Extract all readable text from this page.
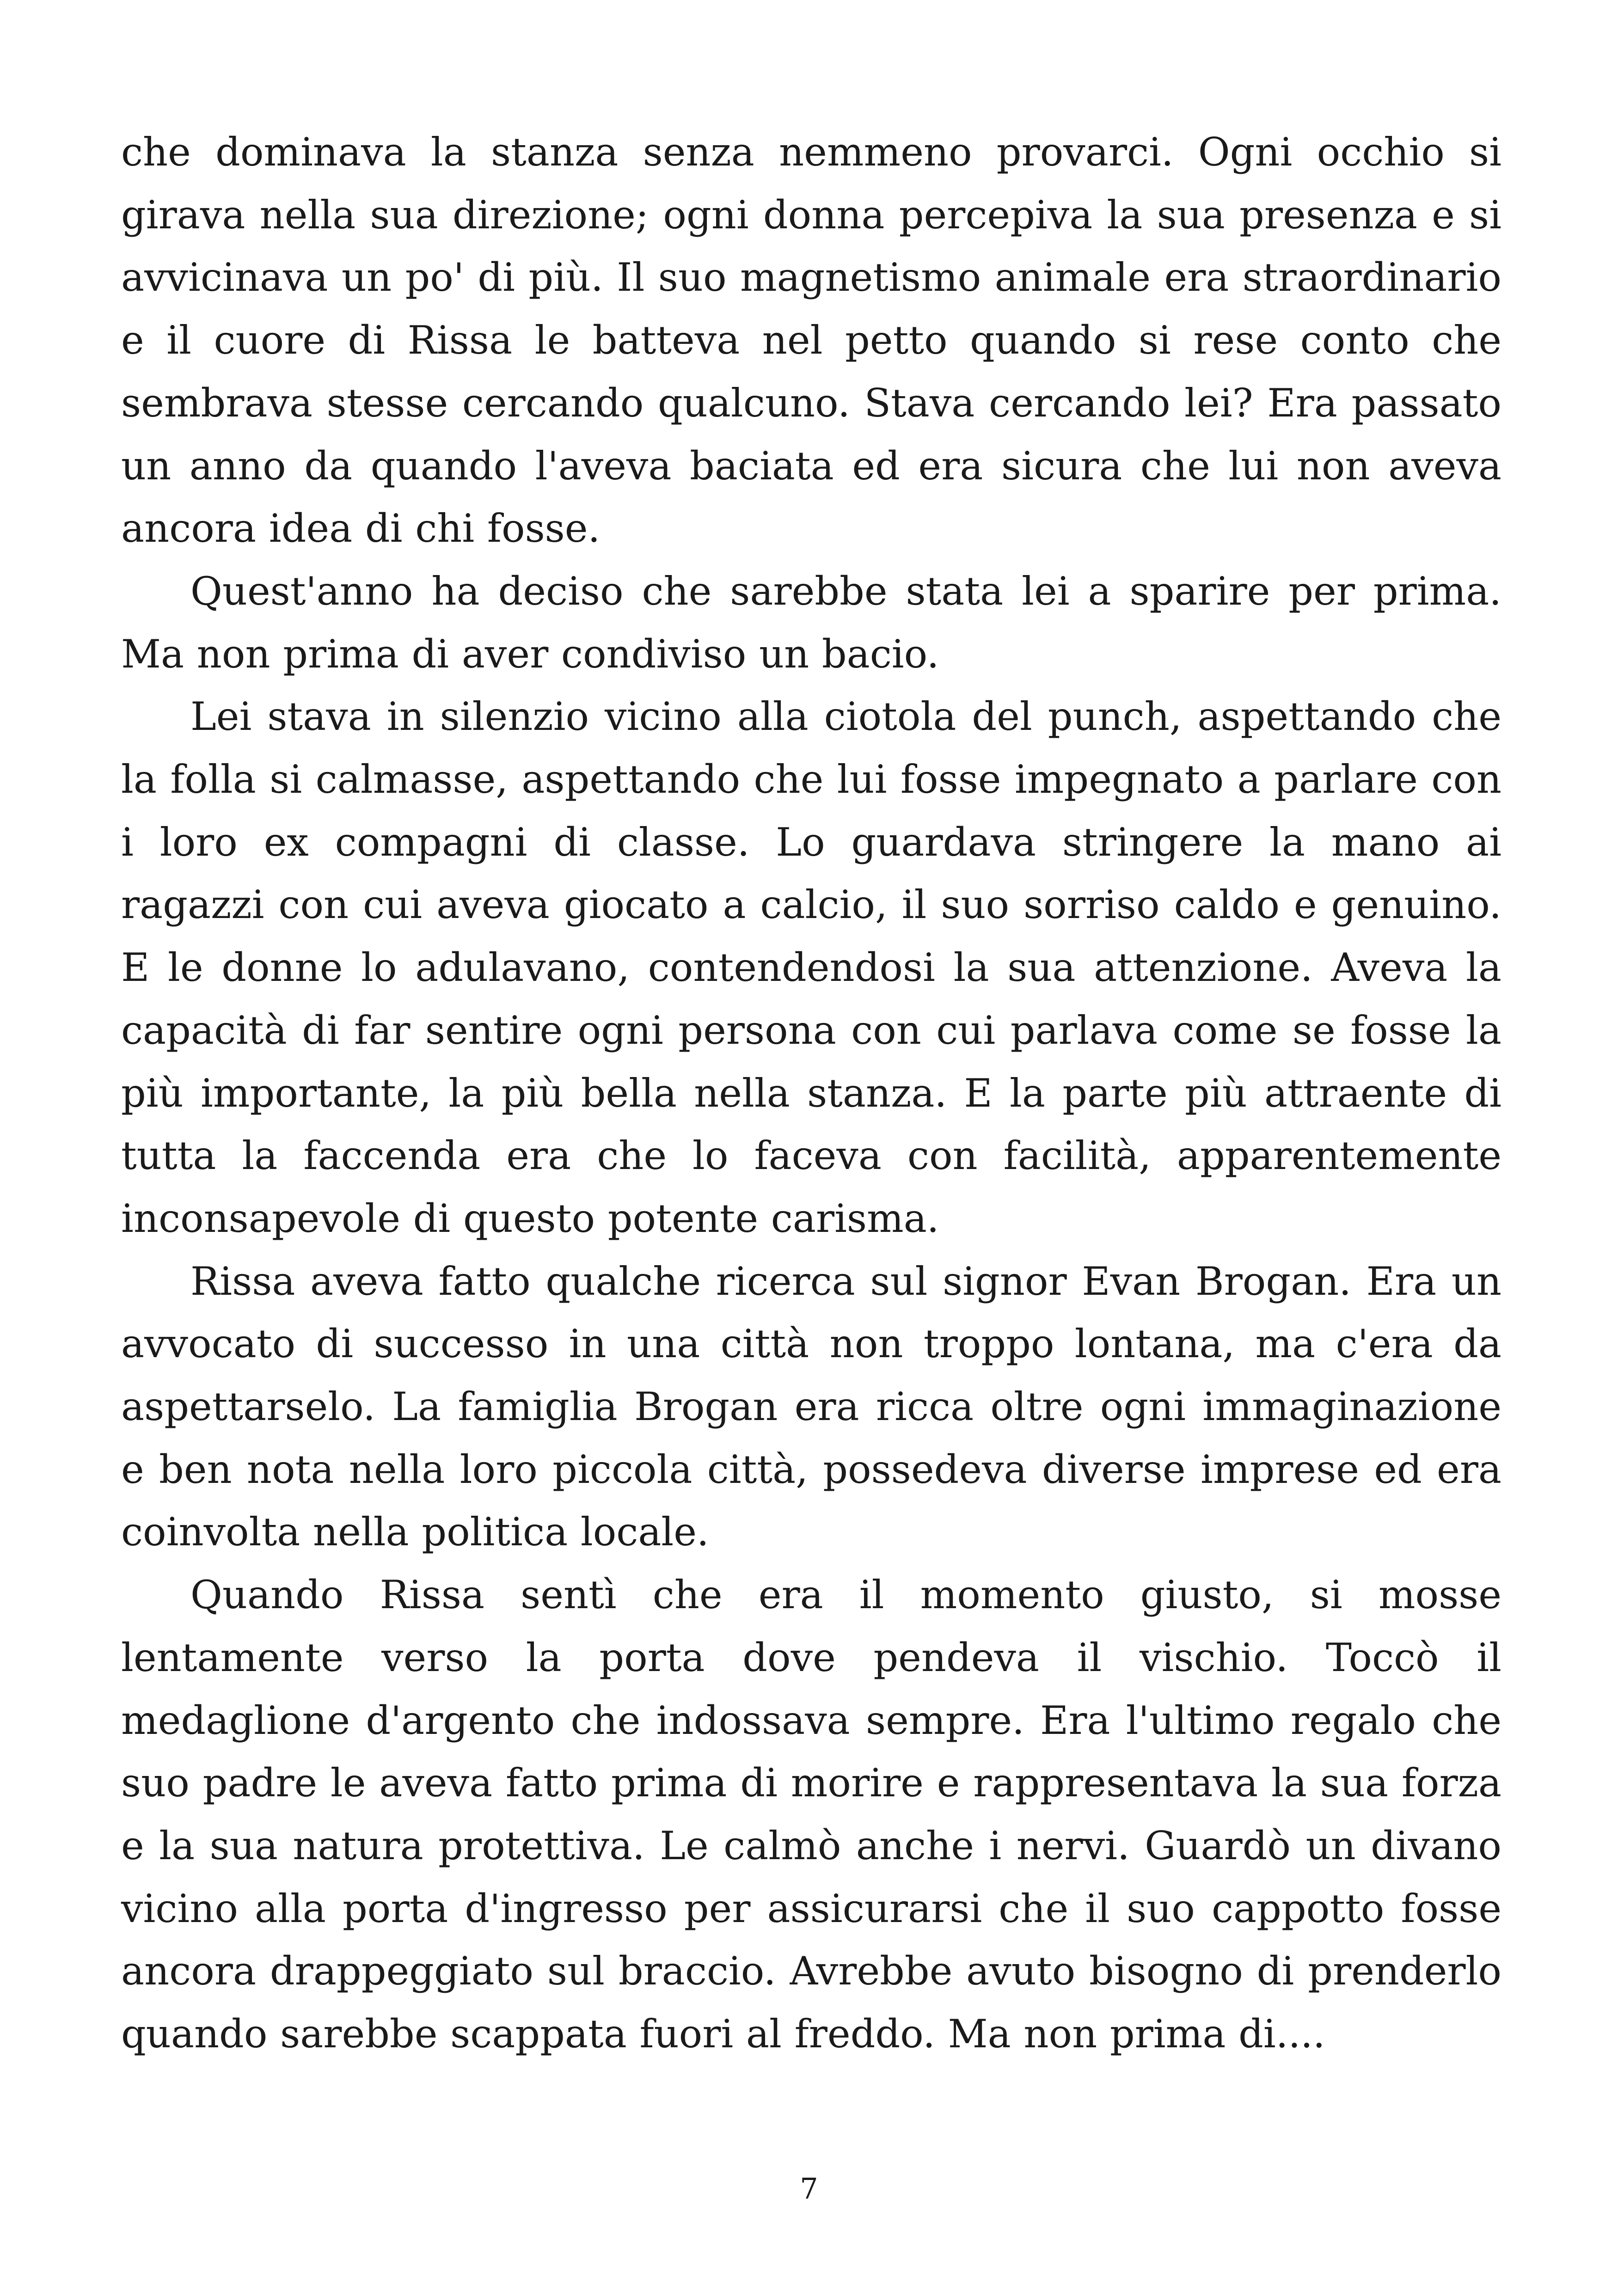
che dominava la stanza senza nemmeno provarci. Ogni occhio si girava nella sua direzione; ogni donna percepiva la sua presenza e si avvicinava un po' di più. Il suo magnetismo animale era straordinario e il cuore di Rissa le batteva nel petto quando si rese conto che sembrava stesse cercando qualcuno. Stava cercando lei? Era passato un anno da quando l'aveva baciata ed era sicura che lui non aveva ancora idea di chi fosse.

Quest'anno ha deciso che sarebbe stata lei a sparire per prima. Ma non prima di aver condiviso un bacio.

Lei stava in silenzio vicino alla ciotola del punch, aspettando che la folla si calmasse, aspettando che lui fosse impegnato a parlare con i loro ex compagni di classe. Lo guardava stringere la mano ai ragazzi con cui aveva giocato a calcio, il suo sorriso caldo e genuino. E le donne lo adulavano, contendendosi la sua attenzione. Aveva la capacità di far sentire ogni persona con cui parlava come se fosse la più importante, la più bella nella stanza. E la parte più attraente di tutta la faccenda era che lo faceva con facilità, apparentemente inconsapevole di questo potente carisma.

Rissa aveva fatto qualche ricerca sul signor Evan Brogan. Era un avvocato di successo in una città non troppo lontana, ma c'era da aspettarselo. La famiglia Brogan era ricca oltre ogni immaginazione e ben nota nella loro piccola città, possedeva diverse imprese ed era coinvolta nella politica locale.

Quando Rissa sentì che era il momento giusto, si mosse lentamente verso la porta dove pendeva il vischio. Toccò il medaglione d'argento che indossava sempre. Era l'ultimo regalo che suo padre le aveva fatto prima di morire e rappresentava la sua forza e la sua natura protettiva. Le calmò anche i nervi. Guardò un divano vicino alla porta d'ingresso per assicurarsi che il suo cappotto fosse ancora drappeggiato sul braccio. Avrebbe avuto bisogno di prenderlo quando sarebbe scappata fuori al freddo. Ma non prima di....

7
